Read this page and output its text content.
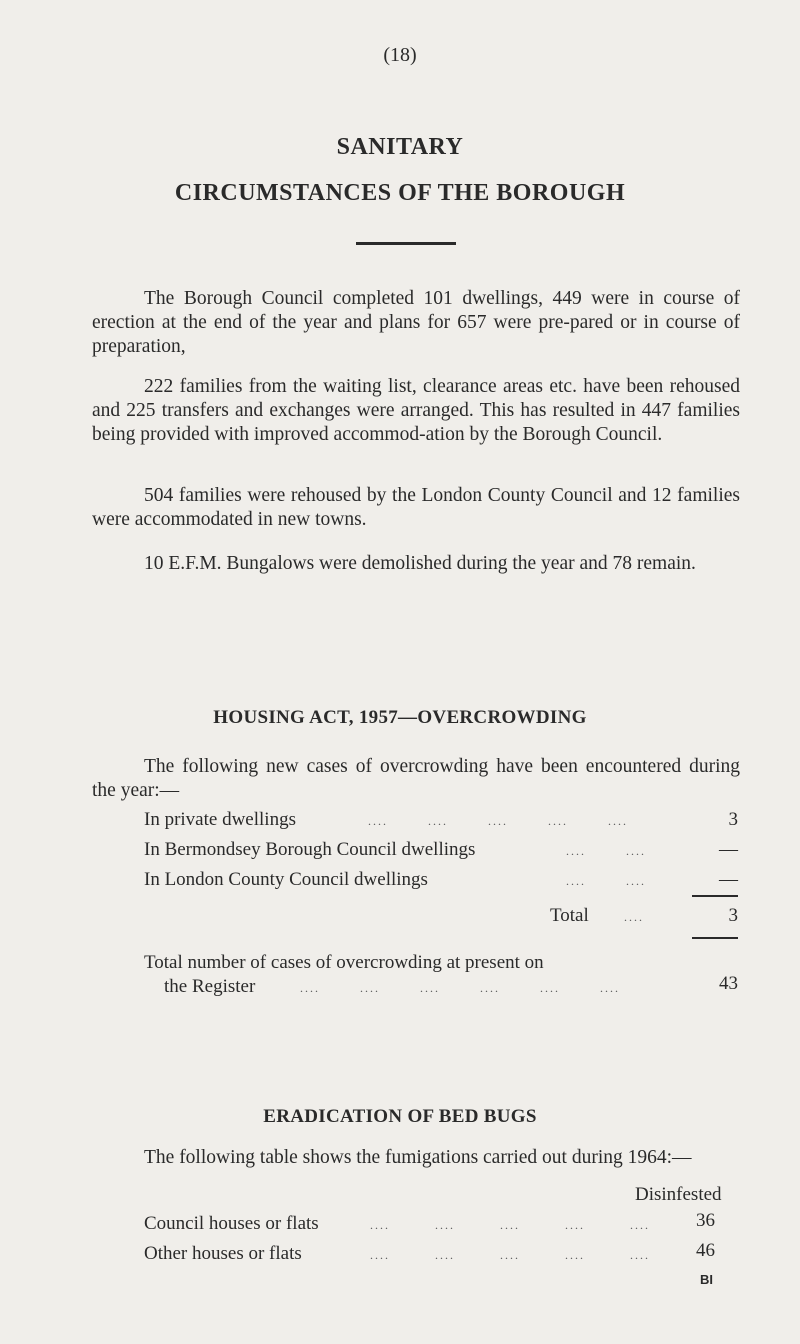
(18)
SANITARY
CIRCUMSTANCES OF THE BOROUGH

The Borough Council completed 101 dwellings, 449 were in course of erection at the end of the year and plans for 657 were pre-pared or in course of preparation,

222 families from the waiting list, clearance areas etc. have been rehoused and 225 transfers and exchanges were arranged. This has resulted in 447 families being provided with improved accommod-ation by the Borough Council.

504 families were rehoused by the London County Council and 12 families were accommodated in new towns.

10 E.F.M. Bungalows were demolished during the year and 78 remain.

HOUSING ACT, 1957—OVERCROWDING

The following new cases of overcrowding have been encountered during the year:—

In private dwellings	....        ....        ....        ....        ....	3
In Bermondsey Borough Council dwellings	....        ....	—
In London County Council dwellings	....        ....	—
Total	....	3
Total number of cases of overcrowding at present on
the Register	....        ....        ....        ....        ....        ....	43
ERADICATION OF BED BUGS

The following table shows the fumigations carried out during 1964:—

Disinfested
Council houses or flats	....         ....         ....         ....         .... 36
Other houses or flats	....         ....         ....         ....         .... 46
BI
